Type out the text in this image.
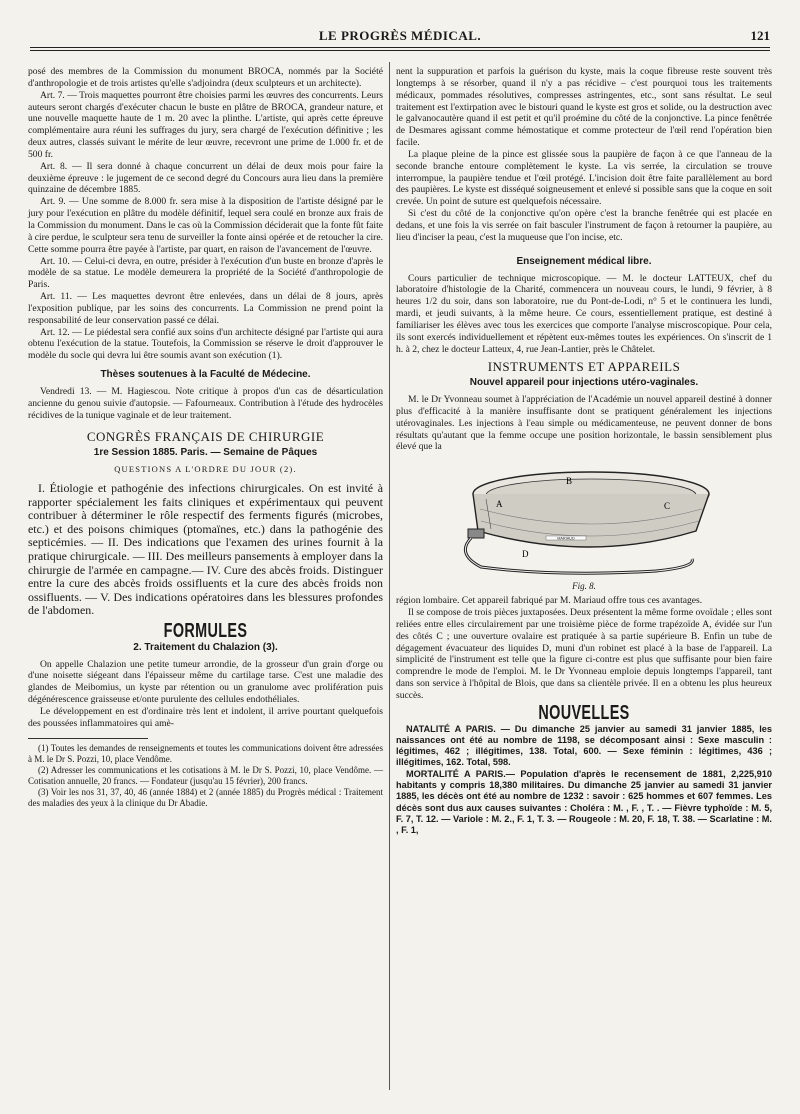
LE PROGRÈS MÉDICAL.	121

posé des membres de la Commission du monument BROCA, nommés par la Société d'anthropologie et de trois artistes qu'elle s'adjoindra (deux sculpteurs et un architecte).

Art. 7. — Trois maquettes pourront être choisies parmi les œuvres des concurrents. Leurs auteurs seront chargés d'exécuter chacun le buste en plâtre de BROCA, grandeur nature, et une nouvelle maquette haute de 1 m. 20 avec la plinthe. L'artiste, qui après cette épreuve complémentaire aura réuni les suffrages du jury, sera chargé de l'exécution définitive ; les deux autres, classés suivant le mérite de leur œuvre, recevront une prime de 1.000 fr. et de 500 fr.

Art. 8. — Il sera donné à chaque concurrent un délai de deux mois pour faire la deuxième épreuve : le jugement de ce second degré du Concours aura lieu dans la première quinzaine de décembre 1885.

Art. 9. — Une somme de 8.000 fr. sera mise à la disposition de l'artiste désigné par le jury pour l'exécution en plâtre du modèle définitif, lequel sera coulé en bronze aux frais de la Commission du monument. Dans le cas où la Commission déciderait que la fonte fût faite à cire perdue, le sculpteur sera tenu de surveiller la fonte ainsi opérée et de retoucher la cire. Cette somme pourra être payée à l'artiste, par quart, en raison de l'avancement de l'œuvre.

Art. 10. — Celui-ci devra, en outre, présider à l'exécution d'un buste en bronze d'après le modèle de sa statue. Le modèle demeurera la propriété de la Société d'anthropologie de Paris.

Art. 11. — Les maquettes devront être enlevées, dans un délai de 8 jours, après l'exposition publique, par les soins des concurrents. La Commission ne prend point la responsabilité de leur conservation passé ce délai.

Art. 12. — Le piédestal sera confié aux soins d'un architecte désigné par l'artiste qui aura obtenu l'exécution de la statue. Toutefois, la Commission se réserve le droit d'approuver le modèle du socle qui devra lui être soumis avant son exécution (1).

Thèses soutenues à la Faculté de Médecine.

Vendredi 13. — M. Hagiescou. Note critique à propos d'un cas de désarticulation ancienne du genou suivie d'autopsie. — Fafourneaux. Contribution à l'étude des hydrocèles récidives de la tunique vaginale et de leur traitement.

CONGRÈS FRANÇAIS DE CHIRURGIE
1re Session 1885. Paris. — Semaine de Pâques
QUESTIONS A L'ORDRE DU JOUR (2).

I. Étiologie et pathogénie des infections chirurgicales. On est invité à rapporter spécialement les faits cliniques et expérimentaux qui peuvent contribuer à déterminer le rôle respectif des ferments figurés (microbes, etc.) et des poisons chimiques (ptomaïnes, etc.) dans la pathogénie des septicémies. — II. Des indications que l'examen des urines fournit à la pratique chirurgicale. — III. Des meilleurs pansements à employer dans la chirurgie de l'armée en campagne.— IV. Cure des abcès froids. Distinguer entre la cure des abcès froids ossifluents et la cure des abcès froids non ossifluents. — V. Des indications opératoires dans les blessures profondes de l'abdomen.

FORMULES
2. Traitement du Chalazion (3).

On appelle Chalazion une petite tumeur arrondie, de la grosseur d'un grain d'orge ou d'une noisette siégeant dans l'épaisseur même du cartilage tarse. C'est une maladie des glandes de Meibomius, un kyste par rétention ou un granulome avec prolifération puis dégénérescence graisseuse et/onte purulente des cellules endothéliales.

Le développement en est d'ordinaire très lent et indolent, il arrive pourtant quelquefois des poussées inflammatoires qui amè-

(1) Toutes les demandes de renseignements et toutes les communications doivent être adressées à M. le Dr S. Pozzi, 10, place Vendôme.

(2) Adresser les communications et les cotisations à M. le Dr S. Pozzi, 10, place Vendôme. — Cotisation annuelle, 20 francs. — Fondateur (jusqu'au 15 février), 200 francs.

(3) Voir les nos 31, 37, 40, 46 (année 1884) et 2 (année 1885) du Progrès médical : Traitement des maladies des yeux à la clinique du Dr Abadie.

nent la suppuration et parfois la guérison du kyste, mais la coque fibreuse reste souvent très longtemps à se résorber, quand il n'y a pas récidive – c'est pourquoi tous les traitements médicaux, pommades résolutives, compresses astringentes, etc., sont sans résultat. Le seul traitement est l'extirpation avec le bistouri quand le kyste est gros et solide, ou la destruction avec le galvanocautère quand il est petit et qu'il proémine du côté de la conjonctive. La pince fenêtrée de Desmares agissant comme hémostatique et comme protecteur de l'œil rend l'opération bien facile.

La plaque pleine de la pince est glissée sous la paupière de façon à ce que l'anneau de la seconde branche entoure complètement le kyste. La vis serrée, la circulation se trouve interrompue, la paupière tendue et l'œil protégé. L'incision doit être faite parallèlement au bord des paupières. Le kyste est disséqué soigneusement et enlevé si possible sans que la coque en soit crevée. Un point de suture est quelquefois nécessaire.

Si c'est du côté de la conjonctive qu'on opère c'est la branche fenêtrée qui est placée en dedans, et une fois la vis serrée on fait basculer l'instrument de façon à retourner la paupière, au lieu d'inciser la peau, c'est la muqueuse que l'on incise, etc.

Enseignement médical libre.

Cours particulier de technique microscopique. — M. le docteur LATTEUX, chef du laboratoire d'histologie de la Charité, commencera un nouveau cours, le lundi, 9 février, à 8 heures 1/2 du soir, dans son laboratoire, rue du Pont-de-Lodi, n° 5 et le continuera les lundi, mardi, et jeudi suivants, à la même heure. Ce cours, essentiellement pratique, est destiné à familiariser les élèves avec tous les exercices que comporte l'analyse miscroscopique. Pour cela, ils sont exercés individuellement et répètent eux-mêmes toutes les expériences. On s'inscrit de 1 h. à 2, chez le docteur Latteux, 4, rue Jean-Lantier, près le Châtelet.

INSTRUMENTS ET APPAREILS
Nouvel appareil pour injections utéro-vaginales.

M. le Dr Yvonneau soumet à l'appréciation de l'Académie un nouvel appareil destiné à donner plus d'efficacité à la manière insuffisante dont se pratiquent généralement les injections utérovaginales. Les injections à l'eau simple ou médicamenteuse, ne peuvent donner de bons résultats qu'autant que la femme occupe une position horizontale, le bassin sensiblement plus élevé que la

MARIAUD
A
B
C
D
Fig. 8.

région lombaire. Cet appareil fabriqué par M. Mariaud offre tous ces avantages.

Il se compose de trois pièces juxtaposées. Deux présentent la même forme ovoïdale ; elles sont reliées entre elles circulairement par une troisième pièce de forme trapézoïde A, évidée sur l'un des côtés C ; une ouverture ovalaire est pratiquée à sa partie supérieure B. Enfin un tube de dégagement évacuateur des liquides D, muni d'un robinet est placé à la base de l'appareil. La simplicité de l'instrument est telle que la figure ci-contre est plus que suffisante pour bien faire comprendre le mode de l'emploi. M. le Dr Yvonneau emploie depuis longtemps l'appareil, tant dans son service à l'hôpital de Blois, que dans sa clientèle privée. Il en a obtenu les plus heureux succès.

NOUVELLES

NATALITÉ A PARIS. — Du dimanche 25 janvier au samedi 31 janvier 1885, les naissances ont été au nombre de 1198, se décomposant ainsi : Sexe masculin : légitimes, 462 ; illégitimes, 138. Total, 600. — Sexe féminin : légitimes, 436 ; illégitimes, 162. Total, 598.

MORTALITÉ A PARIS.— Population d'après le recensement de 1881, 2,225,910 habitants y compris 18,380 militaires. Du dimanche 25 janvier au samedi 31 janvier 1885, les décès ont été au nombre de 1232 : savoir : 625 hommes et 607 femmes. Les décès sont dus aux causes suivantes : Choléra : M. , F. , T. . — Fièvre typhoïde : M. 5, F. 7, T. 12. — Variole : M. 2., F. 1, T. 3. — Rougeole : M. 20, F. 18, T. 38. — Scarlatine : M. , F. 1,
